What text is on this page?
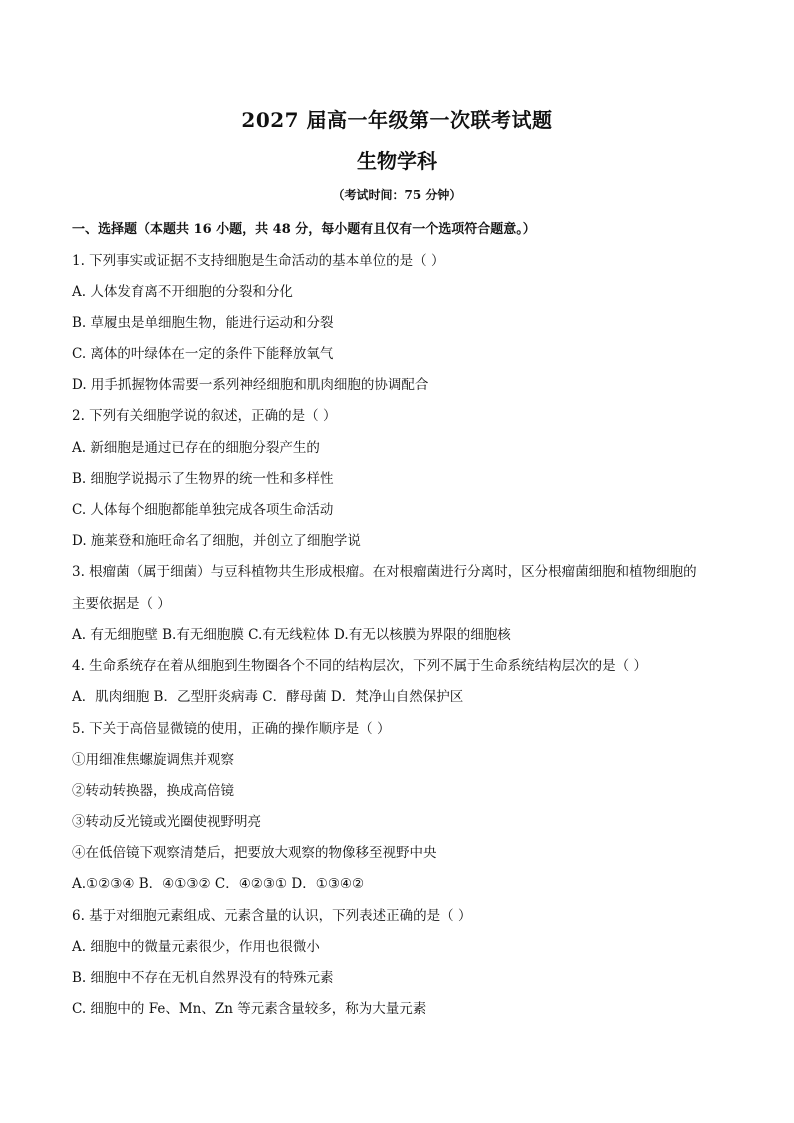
2027 届高一年级第一次联考试题
生物学科
（考试时间：75 分钟）
一、选择题（本题共 16 小题，共 48 分，每小题有且仅有一个选项符合题意。）
1. 下列事实或证据不支持细胞是生命活动的基本单位的是（ ）
A. 人体发育离不开细胞的分裂和分化
B. 草履虫是单细胞生物，能进行运动和分裂
C. 离体的叶绿体在一定的条件下能释放氧气
D. 用手抓握物体需要一系列神经细胞和肌肉细胞的协调配合
2. 下列有关细胞学说的叙述，正确的是（ ）
A. 新细胞是通过已存在的细胞分裂产生的
B. 细胞学说揭示了生物界的统一性和多样性
C. 人体每个细胞都能单独完成各项生命活动
D. 施莱登和施旺命名了细胞，并创立了细胞学说
3. 根瘤菌（属于细菌）与豆科植物共生形成根瘤。在对根瘤菌进行分离时，区分根瘤菌细胞和植物细胞的
主要依据是（ ）
A. 有无细胞壁 B.有无细胞膜 C.有无线粒体 D.有无以核膜为界限的细胞核
4. 生命系统存在着从细胞到生物圈各个不同的结构层次，下列不属于生命系统结构层次的是（ ）
A．肌肉细胞 B．乙型肝炎病毒 C．酵母菌 D．梵净山自然保护区
5. 下关于高倍显微镜的使用，正确的操作顺序是（ ）
①用细准焦螺旋调焦并观察
②转动转换器，换成高倍镜
③转动反光镜或光圈使视野明亮
④在低倍镜下观察清楚后，把要放大观察的物像移至视野中央
A.①②③④ B．④①③② C．④②③① D．①③④②
6. 基于对细胞元素组成、元素含量的认识，下列表述正确的是（ ）
A. 细胞中的微量元素很少，作用也很微小
B. 细胞中不存在无机自然界没有的特殊元素
C. 细胞中的 Fe、Mn、Zn 等元素含量较多，称为大量元素
